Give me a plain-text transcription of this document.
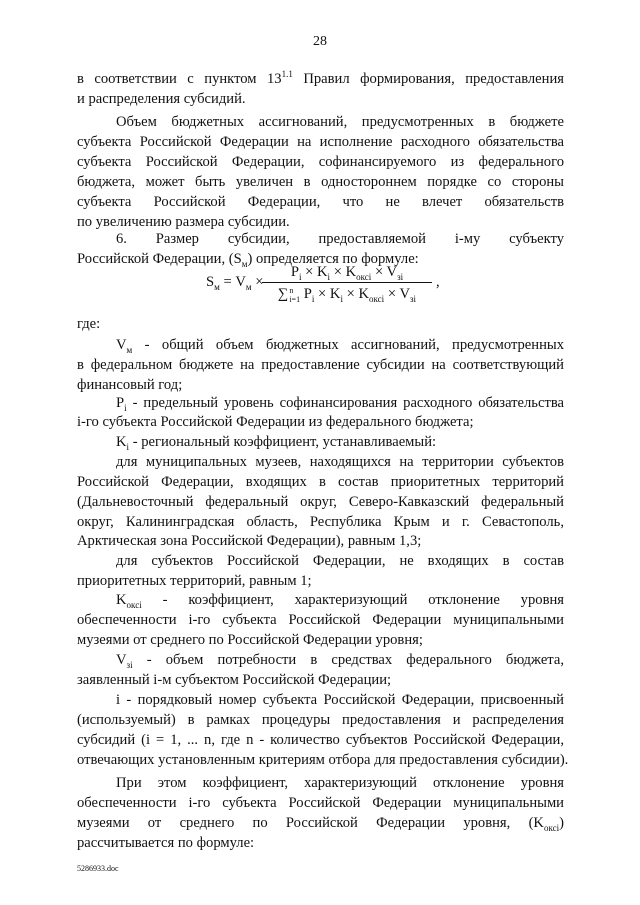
28
в соответствии с пунктом $13^{1.1}$ Правил формирования, предоставления
и распределения субсидий.
Объем бюджетных ассигнований, предусмотренных в бюджете
субъекта Российской Федерации на исполнение расходного обязательства
субъекта Российской Федерации, софинансируемого из федерального
бюджета, может быть увеличен в одностороннем порядке со стороны
субъекта Российской Федерации, что не влечет обязательств
по увеличению размера субсидии.
6. Размер субсидии, предоставляемой i-му субъекту
Российской Федерации, $(S_м)$ определяется по формуле:
$S_м = V_м$ ×
$P_i \times K_i \times K_{оксi} \times V_{зi}$
∑n
i=1 $P_i \times K_i \times K_{оксi} \times V_{зi}$
,
где:
$V_м$ - общий объем бюджетных ассигнований, предусмотренных
в федеральном бюджете на предоставление субсидии на соответствующий
финансовый год;
$P_i$ - предельный уровень софинансирования расходного обязательства
i-го субъекта Российской Федерации из федерального бюджета;
$K_i$ - региональный коэффициент, устанавливаемый:
для муниципальных музеев, находящихся на территории субъектов
Российской Федерации, входящих в состав приоритетных территорий
(Дальневосточный федеральный округ, Северо-Кавказский федеральный
округ, Калининградская область, Республика Крым и г. Севастополь,
Арктическая зона Российской Федерации), равным 1,3;
для субъектов Российской Федерации, не входящих в состав
приоритетных территорий, равным 1;
$K_{оксi}$ - коэффициент, характеризующий отклонение уровня
обеспеченности i-го субъекта Российской Федерации муниципальными
музеями от среднего по Российской Федерации уровня;
$V_{зi}$ - объем потребности в средствах федерального бюджета,
заявленный i-м субъектом Российской Федерации;
i - порядковый номер субъекта Российской Федерации, присвоенный
(используемый) в рамках процедуры предоставления и распределения
субсидий (i = 1, ... n, где n - количество субъектов Российской Федерации,
отвечающих установленным критериям отбора для предоставления субсидии).
При этом коэффициент, характеризующий отклонение уровня
обеспеченности i-го субъекта Российской Федерации муниципальными
музеями от среднего по Российской Федерации уровня, $(K_{оксi})$
рассчитывается по формуле:
5286933.doc
